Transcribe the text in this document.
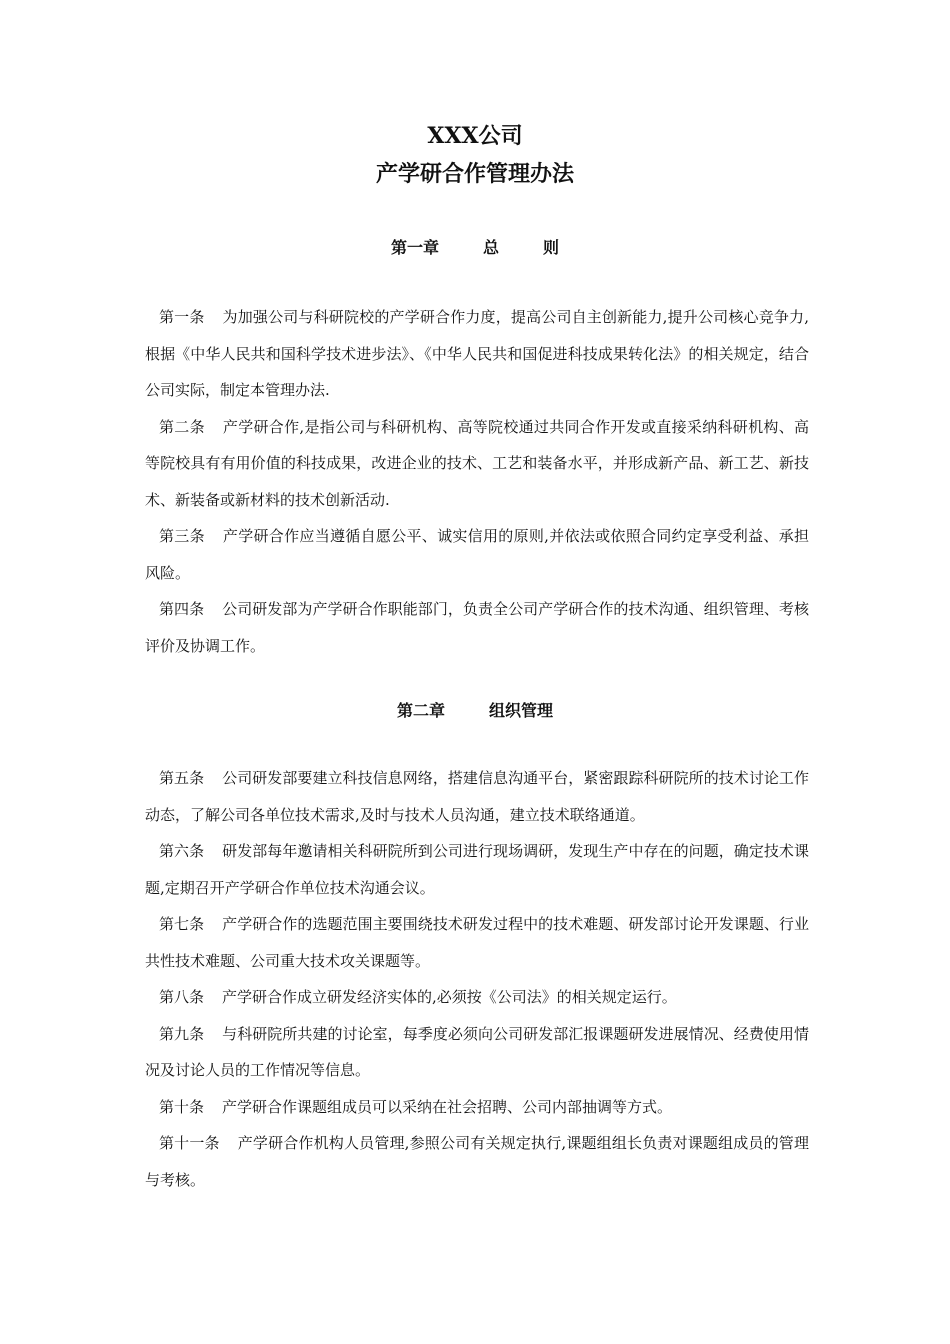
XXX公司
产学研合作管理办法
第一章	总	则

第一条 为加强公司与科研院校的产学研合作力度，提高公司自主创新能力,提升公司核心竞争力,根据《中华人民共和国科学技术进步法》、《中华人民共和国促进科技成果转化法》的相关规定，结合公司实际，制定本管理办法.

第二条 产学研合作,是指公司与科研机构、高等院校通过共同合作开发或直接采纳科研机构、高等院校具有有用价值的科技成果，改进企业的技术、工艺和装备水平，并形成新产品、新工艺、新技术、新装备或新材料的技术创新活动.

第三条 产学研合作应当遵循自愿公平、诚实信用的原则,并依法或依照合同约定享受利益、承担风险。

第四条 公司研发部为产学研合作职能部门，负责全公司产学研合作的技术沟通、组织管理、考核评价及协调工作。

第二章	组织管理

第五条 公司研发部要建立科技信息网络，搭建信息沟通平台，紧密跟踪科研院所的技术讨论工作动态，了解公司各单位技术需求,及时与技术人员沟通，建立技术联络通道。

第六条 研发部每年邀请相关科研院所到公司进行现场调研，发现生产中存在的问题，确定技术课题,定期召开产学研合作单位技术沟通会议。

第七条 产学研合作的选题范围主要围绕技术研发过程中的技术难题、研发部讨论开发课题、行业共性技术难题、公司重大技术攻关课题等。

第八条 产学研合作成立研发经济实体的,必须按《公司法》的相关规定运行。

第九条 与科研院所共建的讨论室，每季度必须向公司研发部汇报课题研发进展情况、经费使用情况及讨论人员的工作情况等信息。

第十条 产学研合作课题组成员可以采纳在社会招聘、公司内部抽调等方式。

第十一条 产学研合作机构人员管理,参照公司有关规定执行,课题组组长负责对课题组成员的管理与考核。
